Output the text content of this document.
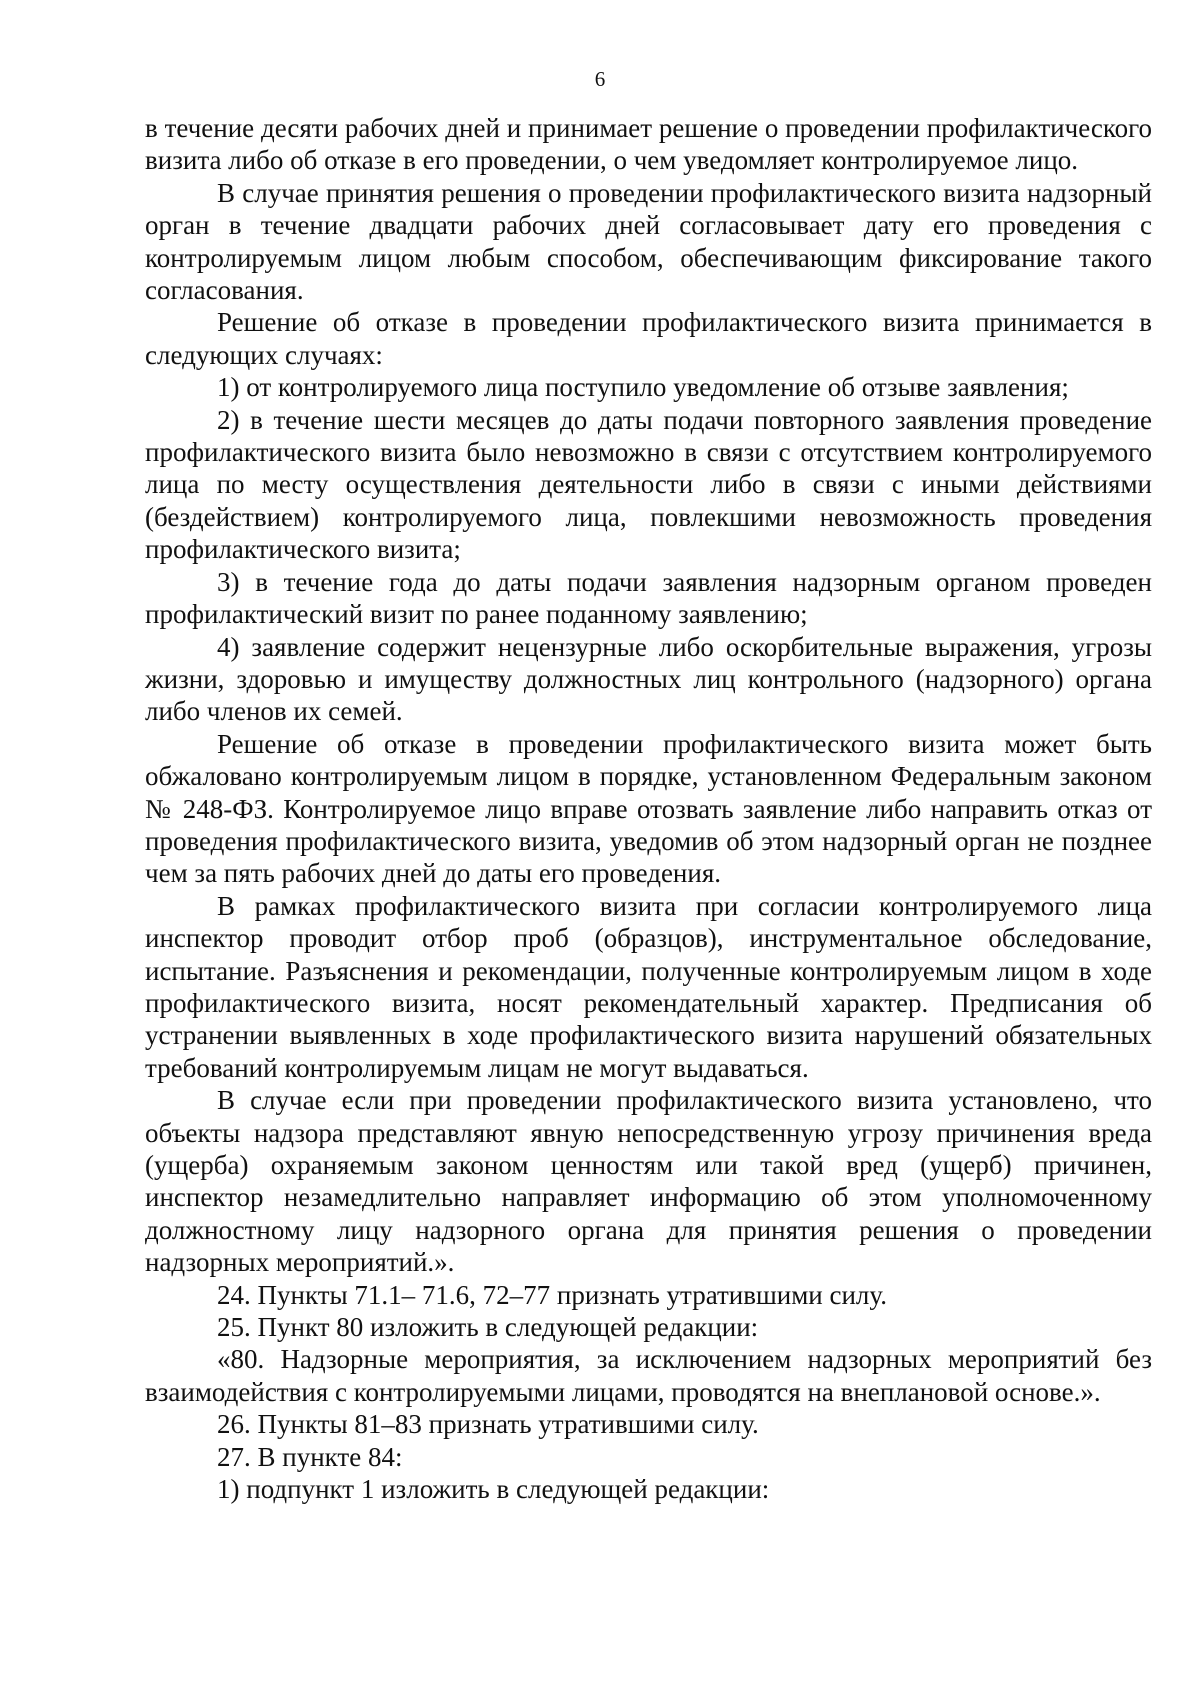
6

в течение десяти рабочих дней и принимает решение о проведении профилактического визита либо об отказе в его проведении, о чем уведомляет контролируемое лицо.

В случае принятия решения о проведении профилактического визита надзорный орган в течение двадцати рабочих дней согласовывает дату его проведения с контролируемым лицом любым способом, обеспечивающим фиксирование такого согласования.

Решение об отказе в проведении профилактического визита принимается в следующих случаях:

1) от контролируемого лица поступило уведомление об отзыве заявления;

2) в течение шести месяцев до даты подачи повторного заявления проведение профилактического визита было невозможно в связи с отсутствием контролируемого лица по месту осуществления деятельности либо в связи с иными действиями (бездействием) контролируемого лица, повлекшими невозможность проведения профилактического визита;

3) в течение года до даты подачи заявления надзорным органом проведен профилактический визит по ранее поданному заявлению;

4) заявление содержит нецензурные либо оскорбительные выражения, угрозы жизни, здоровью и имуществу должностных лиц контрольного (надзорного) органа либо членов их семей.

Решение об отказе в проведении профилактического визита может быть обжаловано контролируемым лицом в порядке, установленном Федеральным законом № 248-ФЗ. Контролируемое лицо вправе отозвать заявление либо направить отказ от проведения профилактического визита, уведомив об этом надзорный орган не позднее чем за пять рабочих дней до даты его проведения.

В рамках профилактического визита при согласии контролируемого лица инспектор проводит отбор проб (образцов), инструментальное обследование, испытание. Разъяснения и рекомендации, полученные контролируемым лицом в ходе профилактического визита, носят рекомендательный характер. Предписания об устранении выявленных в ходе профилактического визита нарушений обязательных требований контролируемым лицам не могут выдаваться.

В случае если при проведении профилактического визита установлено, что объекты надзора представляют явную непосредственную угрозу причинения вреда (ущерба) охраняемым законом ценностям или такой вред (ущерб) причинен, инспектор незамедлительно направляет информацию об этом уполномоченному должностному лицу надзорного органа для принятия решения о проведении надзорных мероприятий.».

24. Пункты 71.1– 71.6, 72–77 признать утратившими силу.

25. Пункт 80 изложить в следующей редакции:

«80. Надзорные мероприятия, за исключением надзорных мероприятий без взаимодействия с контролируемыми лицами, проводятся на внеплановой основе.».

26. Пункты 81–83 признать утратившими силу.

27. В пункте 84:

1) подпункт 1 изложить в следующей редакции:
